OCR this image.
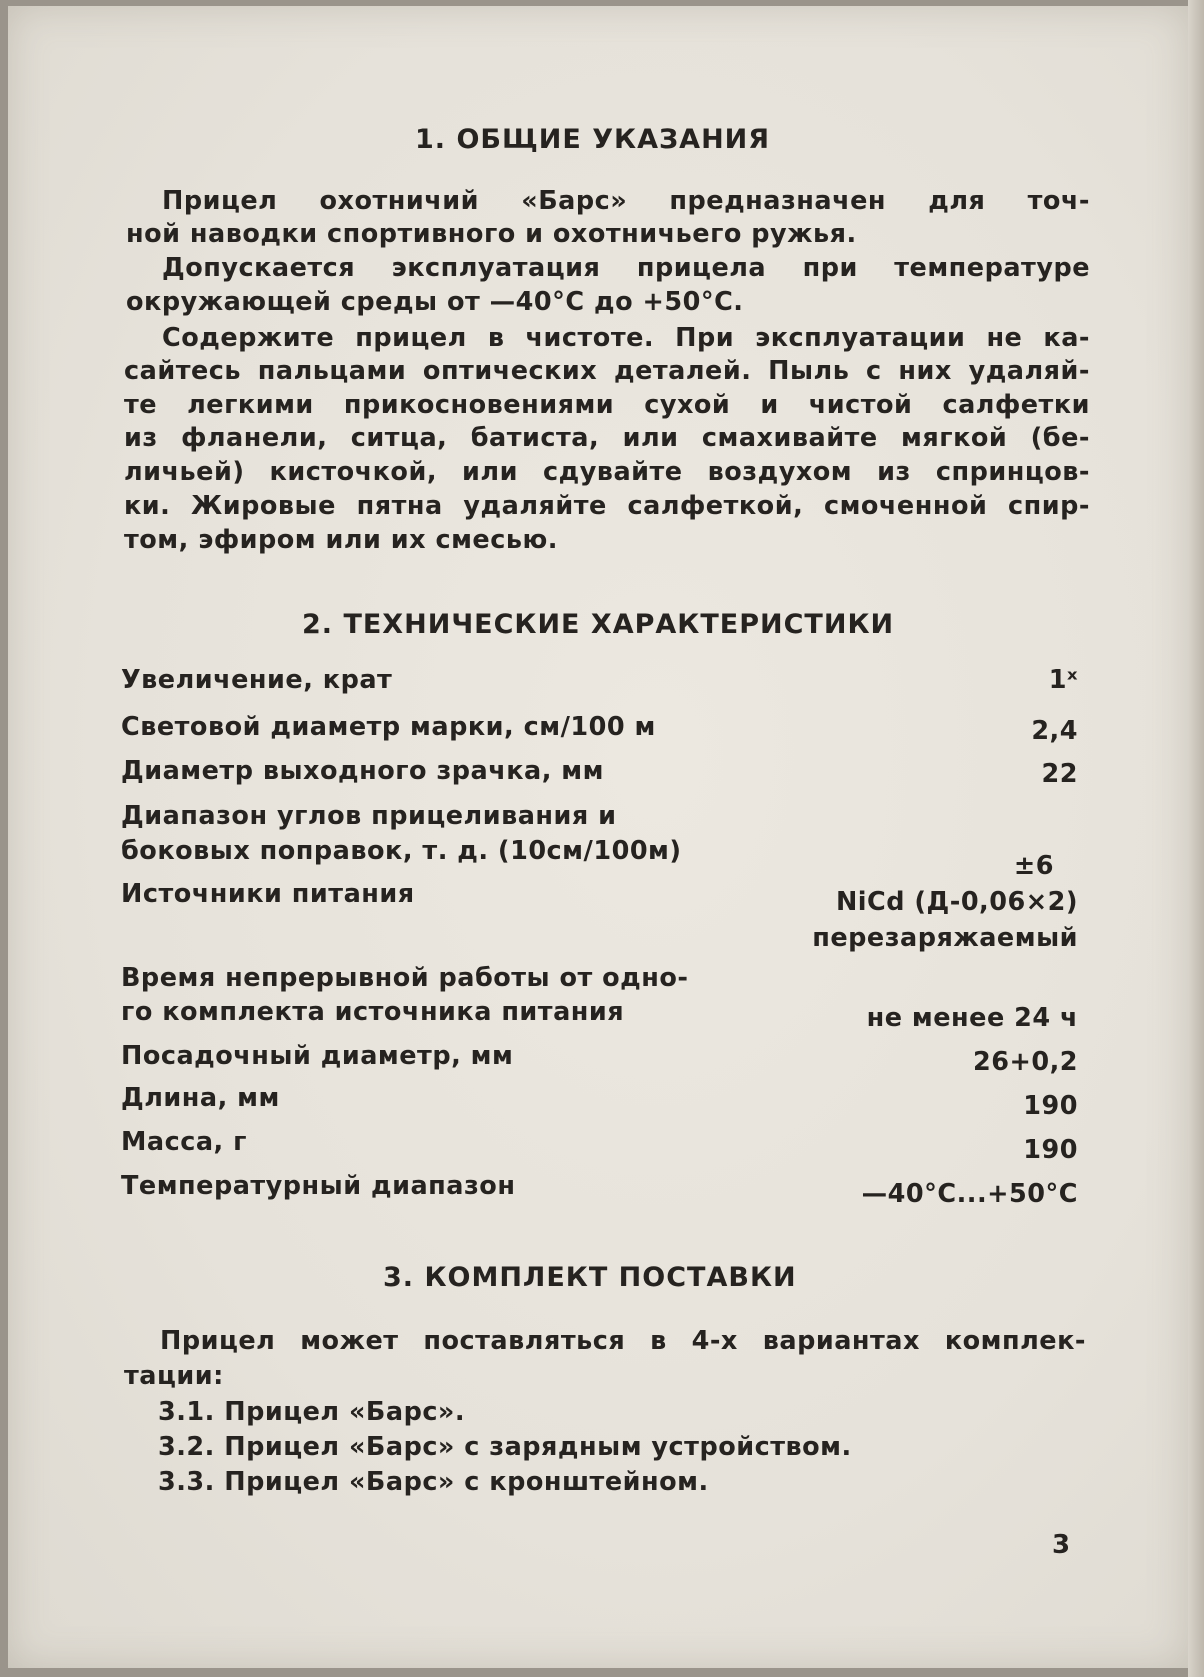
1. ОБЩИЕ УКАЗАНИЯ
Прицел охотничий «Барс» предназначен для точ-
ной наводки спортивного и охотничьего ружья.
Допускается эксплуатация прицела при температуре
окружающей среды от —40°С до +50°С.
Содержите прицел в чистоте. При эксплуатации не ка-
сайтесь пальцами оптических деталей. Пыль с них удаляй-
те легкими прикосновениями сухой и чистой салфетки
из фланели, ситца, батиста, или смахивайте мягкой (бе-
личьей) кисточкой, или сдувайте воздухом из спринцов-
ки. Жировые пятна удаляйте салфеткой, смоченной спир-
том, эфиром или их смесью.
2. ТЕХНИЧЕСКИЕ ХАРАКТЕРИСТИКИ
Увеличение, крат	1ˣ
Световой диаметр марки, см/100 м	2,4
Диаметр выходного зрачка, мм	22
Диапазон углов прицеливания и
боковых поправок, т. д. (10см/100м)	±6
Источники питания	NiCd (Д-0,06×2)
перезаряжаемый
Время непрерывной работы от одно-
го комплекта источника питания	не менее 24 ч
Посадочный диаметр, мм	26+0,2
Длина, мм	190
Масса, г	190
Температурный диапазон	—40°С...+50°С
3. КОМПЛЕКТ ПОСТАВКИ
Прицел может поставляться в 4-х вариантах комплек-
тации:
3.1. Прицел «Барс».
3.2. Прицел «Барс» с зарядным устройством.
3.3. Прицел «Барс» с кронштейном.
3
